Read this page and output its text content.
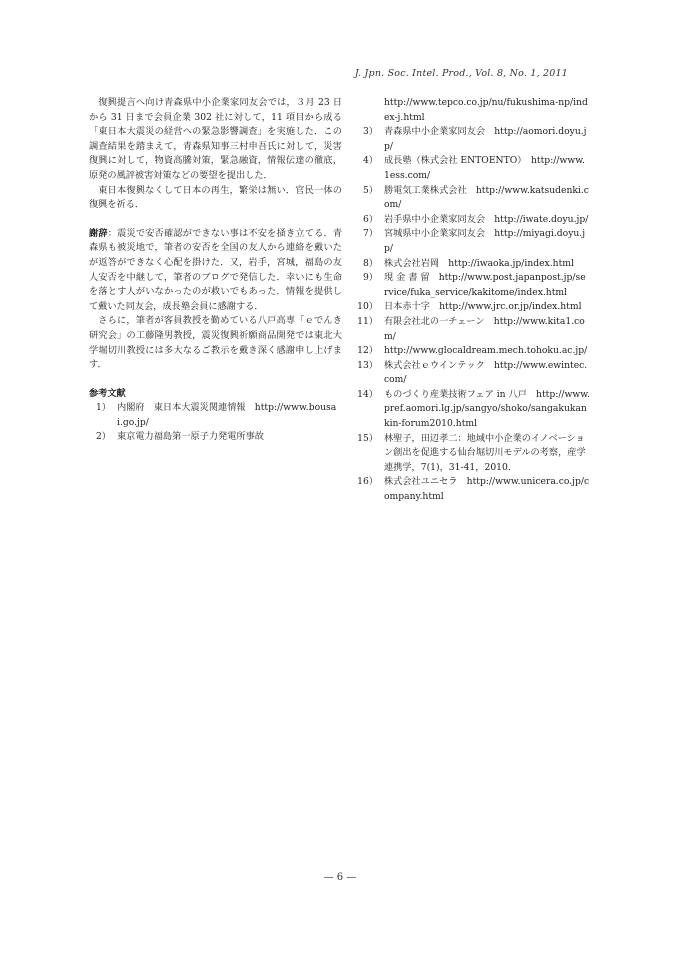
J. Jpn. Soc. Intel. Prod., Vol. 8, No. 1, 2011

復興提言へ向け青森県中小企業家同友会では，３月 23 日から 31 日まで会員企業 302 社に対して，11 項目から成る「東日本大震災の経営への緊急影響調査」を実施した．この調査結果を踏まえて，青森県知事三村申吾氏に対して，災害復興に対して，物資高騰対策，緊急融資，情報伝達の徹底，原発の風評被害対策などの要望を提出した．

東日本復興なくして日本の再生，繁栄は無い．官民一体の復興を祈る．

謝辞：震災で安否確認ができない事は不安を掻き立てる．青森県も被災地で，筆者の安否を全国の友人から連絡を戴いたが返答ができなく心配を掛けた．又，岩手，宮城，福島の友人安否を中継して，筆者のブログで発信した．幸いにも生命を落とす人がいなかったのが救いでもあった．情報を提供して戴いた同友会，成長塾会員に感謝する．

さらに，筆者が客員教授を勤めている八戸高専「ｅでんき研究会」の工藤隆男教授，震災復興祈願商品開発では東北大学堀切川教授には多大なるご教示を戴き深く感謝申し上げます．

参考文献

1） 内閣府　東日本大震災関連情報　http://www.bousai.go.jp/
2） 東京電力福島第一原子力発電所事故
http://www.tepco.co.jp/nu/fukushima-np/index-j.html
3） 青森県中小企業家同友会　http://aomori.doyu.jp/
4） 成長塾（株式会社 ENTOENTO）　http://www.1ess.com/
5） 勝電気工業株式会社　http://www.katsudenki.com/
6） 岩手県中小企業家同友会　http://iwate.doyu.jp/
7） 宮城県中小企業家同友会　http://miyagi.doyu.jp/
8） 株式会社岩岡　http://iwaoka.jp/index.html
9） 現 金 書 留　http://www.post.japanpost.jp/service/fuka_service/kakitome/index.html
10） 日本赤十字　http://www.jrc.or.jp/index.html
11） 有限会社北の一チェーン　http://www.kita1.com/
12） http://www.glocaldream.mech.tohoku.ac.jp/
13） 株式会社ｅウインテック　http://www.ewintec.com/
14） ものづくり産業技術フェア in 八戸　http://www.pref.aomori.lg.jp/sangyo/shoko/sangakukankin-forum2010.html
15） 林聖子，田辺孝二：地域中小企業のイノベーション創出を促進する仙台堀切川モデルの考察，産学連携学，7(1)，31-41，2010．
16） 株式会社ユニセラ　http://www.unicera.co.jp/company.html
— 6 —
